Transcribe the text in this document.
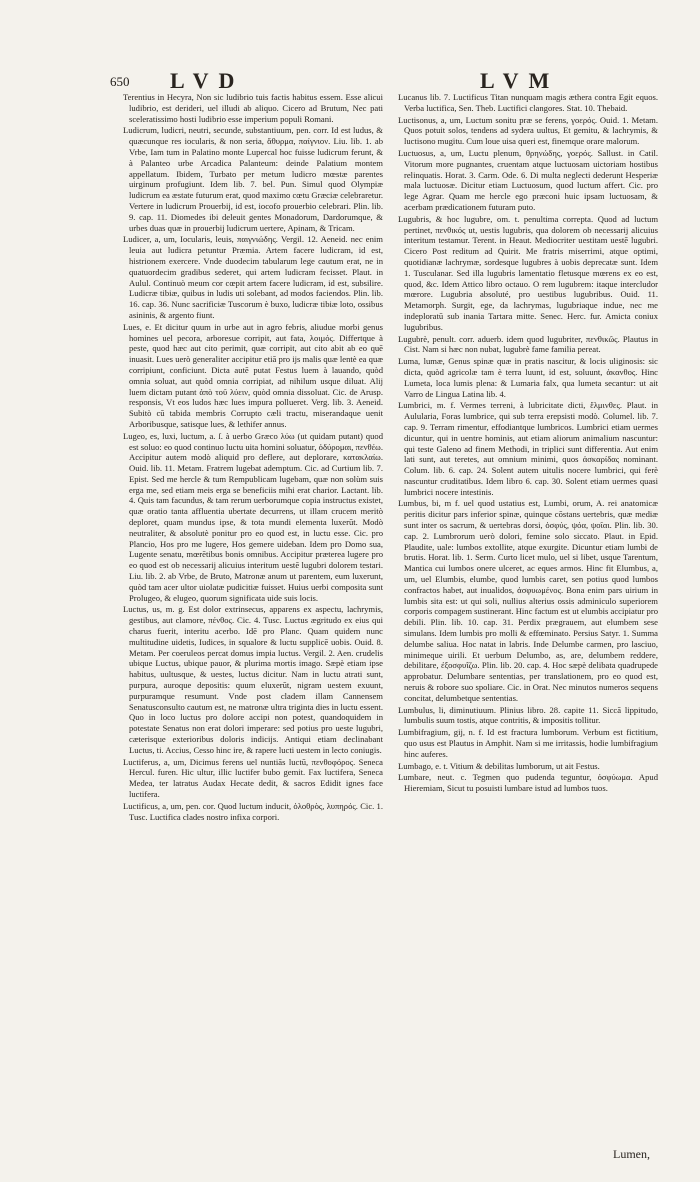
650 LVD	LVM

Terentius in Hecyra, Non sic ludibrio tuis factis habitus essem. Esse alicui ludibrio, est derideri, uel illudi ab aliquo. Cicero ad Brutum, Nec pati sceleratissimo hosti ludibrio esse imperium populi Romani.

Ludicrum, ludicri, neutri, secunde, substantiuum, pen. corr. Id est ludus, & quæcunque res iocularis, & non seria, ἄθυρμα, παίγνιον. Liu. lib. 1. ab Vrbe, Iam tum in Palatino monte Lupercal hoc fuisse ludicrum ferunt, & à Palanteo urbe Arcadica Palanteum: deinde Palatium montem appellatum. Ibidem, Turbato per metum ludicro mœstæ parentes uirginum profugiunt. Idem lib. 7. bel. Pun. Simul quod Olympiæ ludicrum ea æstate futurum erat, quod maximo cœtu Græciæ celebraretur. Vertere in ludicrum Prouerbij, id est, iocofo prouerbio celebrari. Plin. lib. 9. cap. 11. Diomedes ibi deleuit gentes Monadorum, Dardorumque, & urbes duas quæ in prouerbij ludicrum uertere, Apinam, & Tricam.

Ludicer, a, um, Iocularis, leuis, παιγνιώδης. Vergil. 12. Aeneid. nec enim leuia aut ludicra petuntur Præmia. Artem facere ludicram, id est, histrionem exercere. Vnde duodecim tabularum lege cautum erat, ne in quatuordecim gradibus sederet, qui artem ludicram fecisset. Plaut. in Aulul. Continuò meum cor cœpit artem facere ludicram, id est, subsilire. Ludicræ tibiæ, quibus in ludis uti solebant, ad modos faciendos. Plin. lib. 16. cap. 36. Nunc sacrificiæ Tuscorum è buxo, ludicræ tibiæ loto, ossibus asininis, & argento fiunt.

Lues, e. Et dicitur quum in urbe aut in agro febris, aliudue morbi genus homines uel pecora, arboresue corripit, aut fata, λοιμός. Differtque à peste, quod hæc aut cito perimit, quæ corripit, aut cito abit ab eo quē inuasit. Lues uerò generaliter accipitur etiā pro ijs malis quæ lentè ea quæ corripiunt, conficiunt. Dicta autē putat Festus luem à lauando, quòd omnia soluat, aut quòd omnia corripiat, ad nihilum usque diluat. Alij luem dictam putant ἀπὸ τοῦ λύειν, quòd omnia dissoluat. Cic. de Arusp. responsis, Vt eos ludos hæc lues impura pollueret. Verg. lib. 3. Aeneid. Subitò cū tabida membris Corrupto cæli tractu, miserandaque uenit Arboribusque, satisque lues, & lethifer annus.

Lugeo, es, luxi, luctum, a. ſ. à uerbo Græco λύω (ut quidam putant) quod est soluo: eo quod continuo luctu uita homini soluatur, ὀδύρομαι, πενθέω. Accipitur autem modò aliquid pro deflere, aut deplorare, κατακλαίω. Ouid. lib. 11. Metam. Fratrem lugebat ademptum. Cic. ad Curtium lib. 7. Epist. Sed me hercle & tum Rempublicam lugebam, quæ non solùm suis erga me, sed etiam meis erga se beneficiis mihi erat charior. Lactant. lib. 4. Quis tam facundus, & tam rerum uerborumque copia instructus existet, quæ oratio tanta affluentia ubertate decurrens, ut illam crucem meritò deploret, quam mundus ipse, & tota mundi elementa luxerūt. Modò neutraliter, & absolutè ponitur pro eo quod est, in luctu esse. Cic. pro Plancio, Hos pro me lugere, Hos gemere uideban. Idem pro Domo sua, Lugente senatu, mœrētibus bonis omnibus. Accipitur præterea lugere pro eo quod est ob necessarij alicuius interitum uestē lugubri dolorem testari. Liu. lib. 2. ab Vrbe, de Bruto, Matronæ anum ut parentem, eum luxerunt, quòd tam acer ultor uiolatæ pudicitiæ fuisset. Huius uerbi composita sunt Prolugeo, & elugeo, quorum significata uide suis locis.

Luctus, us, m. g. Est dolor extrinsecus, apparens ex aspectu, lachrymis, gestibus, aut clamore, πένθος. Cic. 4. Tusc. Luctus ægritudo ex eius qui charus fuerit, interitu acerbo. Idē pro Planc. Quam quidem nunc multitudine uidetis, Iudices, in squalore & luctu supplicē uobis. Ouid. 8. Metam. Per coeruleos percat domus impia luctus. Vergil. 2. Aen. crudelis ubique Luctus, ubique pauor, & plurima mortis imago. Sæpè etiam ipse habitus, uultusque, & uestes, luctus dicitur. Nam in luctu atrati sunt, purpura, auroque depositis: quum eluxerūt, nigram uestem exuunt, purpuramque resumunt. Vnde post cladem illam Cannensem Senatusconsulto cautum est, ne matronæ ultra triginta dies in luctu essent. Quo in loco luctus pro dolore accipi non potest, quandoquidem in potestate Senatus non erat dolori imperare: sed potius pro ueste lugubri, cæterisque exterioribus doloris indicijs. Antiqui etiam declinabant Luctus, ti. Accius, Cesso hinc ire, & rapere lucti uestem in lecto coniugis.

Luctiferus, a, um, Dicimus ferens uel nuntiās luctū, πενθοφόρος. Seneca Hercul. furen. Hic ultur, illic luctifer bubo gemit. Fax luctifera, Seneca Medea, ter latratus Audax Hecate dedit, & sacros Edidit ignes face luctifera.

Luctificus, a, um, pen. cor. Quod luctum inducit, ὀλοθρὸς, λυπηρός. Cic. 1. Tusc. Luctifica clades nostro infixa corpori.

Lucanus lib. 7. Luctificus Titan nunquam magis æthera contra Egit equos. Verba luctifica, Sen. Theb. Luctifici clangores. Stat. 10. Thebaid.

Luctisonus, a, um, Luctum sonitu præ se ferens, γοερός. Ouid. 1. Metam. Quos potuit solos, tendens ad sydera uultus, Et gemitu, & lachrymis, & luctisono mugitu. Cum loue uisa queri est, finemque orare malorum.

Luctuosus, a, um, Luctu plenum, θρηνώδης, γοερός. Sallust. in Catil. Vitorum more pugnantes, cruentam atque luctuosam uictoriam hostibus relinquatis. Horat. 3. Carm. Ode. 6. Di multa neglecti dederunt Hesperiæ mala luctuosæ. Dicitur etiam Luctuosum, quod luctum affert. Cic. pro lege Agrar. Quam me hercle ego præconi huic ipsam luctuosam, & acerbam prædicationem futuram puto.

Lugubris, & hoc lugubre, om. t. penultima correpta. Quod ad luctum pertinet, πενθικός ut, uestis lugubris, qua dolorem ob necessarij alicuius interitum testamur. Terent. in Heaut. Mediocriter uestitam uestē lugubri. Cicero Post reditum ad Quirit. Me fratris miserrimi, atque optimi, quotidianæ lachrymæ, sordesque lugubres à uobis deprecatæ sunt. Idem 1. Tusculanar. Sed illa lugubris lamentatio fletusque mœrens ex eo est, quod, &c. Idem Attico libro octauo. O rem lugubrem: itaque intercludor mœrore. Lugubria absoluté, pro uestibus lugubribus. Ouid. 11. Metamorph. Surgit, ege, da lachrymas, lugubriaque indue, nec me indeploratū sub inania Tartara mitte. Senec. Herc. fur. Amicta coniux lugubribus.

Lugubrè, penult. corr. aduerb. idem quod lugubriter, πενθικῶς. Plautus in Cist. Nam si hæc non nubat, lugubrè fame familia pereat.

Luma, lumæ, Genus spinæ quæ in pratis nascitur, & locis uliginosis: sic dicta, quòd agricolæ tam è terra luunt, id est, soluunt, ἀκανθος. Hinc Lumeta, loca lumis plena: & Lumaria falx, qua lumeta secantur: ut ait Varro de Lingua Latina lib. 4.

Lumbrici, m. f. Vermes terreni, à lubricitate dicti, ἕλμινθες. Plaut. in Aulularia, Foras lumbrice, qui sub terra erepsisti modò. Columel. lib. 7. cap. 9. Terram rimentur, effodiantque lumbricos. Lumbrici etiam uermes dicuntur, qui in uentre hominis, aut etiam aliorum animalium nascuntur: qui teste Galeno ad finem Methodi, in triplici sunt differentia. Aut enim lati sunt, aut teretes, aut omnium minimi, quos ἀσκαρίδας nominant. Colum. lib. 6. cap. 24. Solent autem uitulis nocere lumbrici, qui ferè nascuntur cruditatibus. Idem libro 6. cap. 30. Solent etiam uermes quasi lumbrici nocere intestinis.

Lumbus, bi, m f. uel quod ustatius est, Lumbi, orum, A. rei anatomicæ peritis dicitur pars inferior spinæ, quinque cōstans uertebris, quæ mediæ sunt inter os sacrum, & uertebras dorsi, ὀσφύς, ψόα, ψοῖαι. Plin. lib. 30. cap. 2. Lumbrorum uerò dolori, femine solo siccato. Plaut. in Epid. Plaudite, uale: lumbos extollite, atque exurgite. Dicuntur etiam lumbi de brutis. Horat. lib. 1. Serm. Curto licet mulo, uel si libet, usque Tarentum, Mantica cui lumbos onere ulceret, ac eques armos. Hinc fit Elumbus, a, um, uel Elumbis, elumbe, quod lumbis caret, sen potius quod lumbos confractos habet, aut inualidos, ἀσφυωμένος. Bona enim pars uirium in lumbis sita est: ut qui soli, nullius alterius ossis adminiculo superiorem corporis compagem sustinerant. Hinc factum est ut elumbis accipiatur pro debili. Plin. lib. 10. cap. 31. Perdix prægrauem, aut elumbem sese simulans. Idem lumbis pro molli & effœminato. Persius Satyr. 1. Summa delumbe saliua. Hoc natat in labris. Inde Delumbe carmen, pro lasciuo, minimeque uirili. Et uerbum Delumbo, as, are, delumbem reddere, debilitare, ἐξοσφυΐζω. Plin. lib. 20. cap. 4. Hoc sæpè delibata quadrupede approbatur. Delumbare sententias, per translationem, pro eo quod est, neruis & robore suo spoliare. Cic. in Orat. Nec minutos numeros sequens concitat, delumbetque sententias.

Lumbulus, li, diminutiuum. Plinius libro. 28. capite 11. Siccā lippitudo, lumbulis suum tostis, atque contritis, & impositis tollitur.

Lumbifragium, gij, n. f. Id est fractura lumborum. Verbum est fictitium, quo usus est Plautus in Amphit. Nam si me irritassis, hodie lumbifragium hinc auferes.

Lumbago, e. t. Vitium & debilitas lumborum, ut ait Festus.

Lumbare, neut. c. Tegmen quo pudenda teguntur, ὀσφύωμα. Apud Hieremiam, Sicut tu posuisti lumbare istud ad lumbos tuos.

Lumen,
